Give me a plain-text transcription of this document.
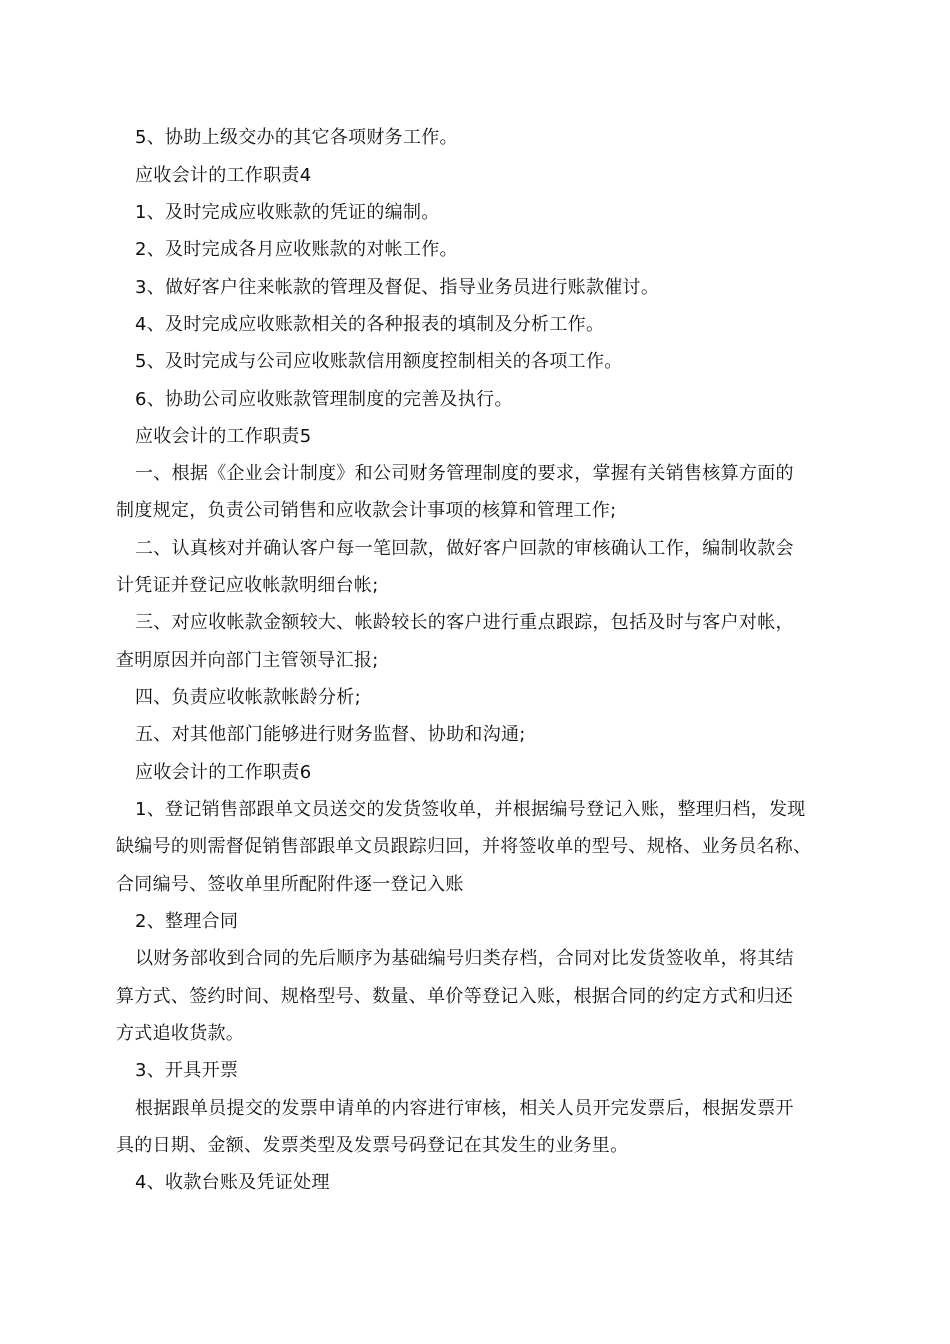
5、协助上级交办的其它各项财务工作。
应收会计的工作职责4
1、及时完成应收账款的凭证的编制。
2、及时完成各月应收账款的对帐工作。
3、做好客户往来帐款的管理及督促、指导业务员进行账款催讨。
4、及时完成应收账款相关的各种报表的填制及分析工作。
5、及时完成与公司应收账款信用额度控制相关的各项工作。
6、协助公司应收账款管理制度的完善及执行。
应收会计的工作职责5
一、根据《企业会计制度》和公司财务管理制度的要求，掌握有关销售核算方面的
制度规定，负责公司销售和应收款会计事项的核算和管理工作;
二、认真核对并确认客户每一笔回款，做好客户回款的审核确认工作，编制收款会
计凭证并登记应收帐款明细台帐;
三、对应收帐款金额较大、帐龄较长的客户进行重点跟踪，包括及时与客户对帐，
查明原因并向部门主管领导汇报;
四、负责应收帐款帐龄分析;
五、对其他部门能够进行财务监督、协助和沟通;
应收会计的工作职责6
1、登记销售部跟单文员送交的发货签收单，并根据编号登记入账，整理归档，发现
缺编号的则需督促销售部跟单文员跟踪归回，并将签收单的型号、规格、业务员名称、
合同编号、签收单里所配附件逐一登记入账
2、整理合同
以财务部收到合同的先后顺序为基础编号归类存档，合同对比发货签收单，将其结
算方式、签约时间、规格型号、数量、单价等登记入账，根据合同的约定方式和归还
方式追收货款。
3、开具开票
根据跟单员提交的发票申请单的内容进行审核，相关人员开完发票后，根据发票开
具的日期、金额、发票类型及发票号码登记在其发生的业务里。
4、收款台账及凭证处理
